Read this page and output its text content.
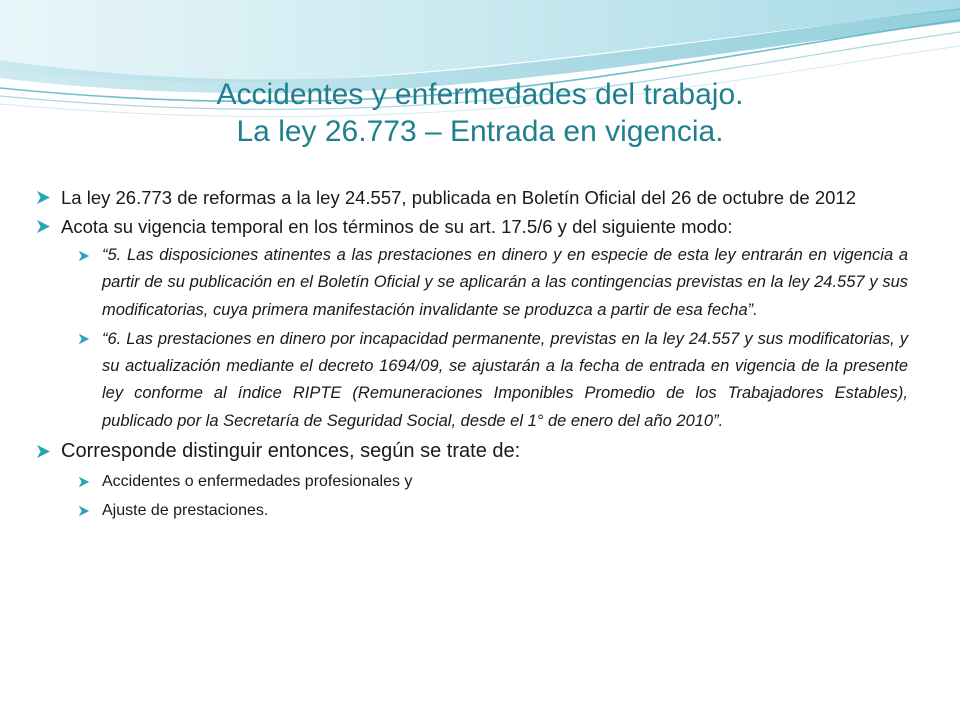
Accidentes y enfermedades del trabajo.
La ley 26.773 – Entrada en vigencia.
La ley 26.773 de reformas a la ley 24.557, publicada en Boletín Oficial del 26 de octubre de 2012
Acota su vigencia temporal en los términos de su art. 17.5/6 y del siguiente modo:
“5. Las disposiciones atinentes a las prestaciones en dinero y en especie de esta ley entrarán en vigencia a partir de su publicación en el Boletín Oficial y se aplicarán a las contingencias previstas en la ley 24.557 y sus modificatorias, cuya primera manifestación invalidante se produzca a partir de esa fecha”.
“6. Las prestaciones en dinero por incapacidad permanente, previstas en la ley 24.557 y sus modificatorias, y su actualización mediante el decreto 1694/09, se ajustarán a la fecha de entrada en vigencia de la presente ley conforme al índice RIPTE (Remuneraciones Imponibles Promedio de los Trabajadores Estables), publicado por la Secretaría de Seguridad Social, desde el 1° de enero del año 2010”.
Corresponde distinguir entonces, según se trate de:
Accidentes o enfermedades profesionales y
Ajuste de prestaciones.
